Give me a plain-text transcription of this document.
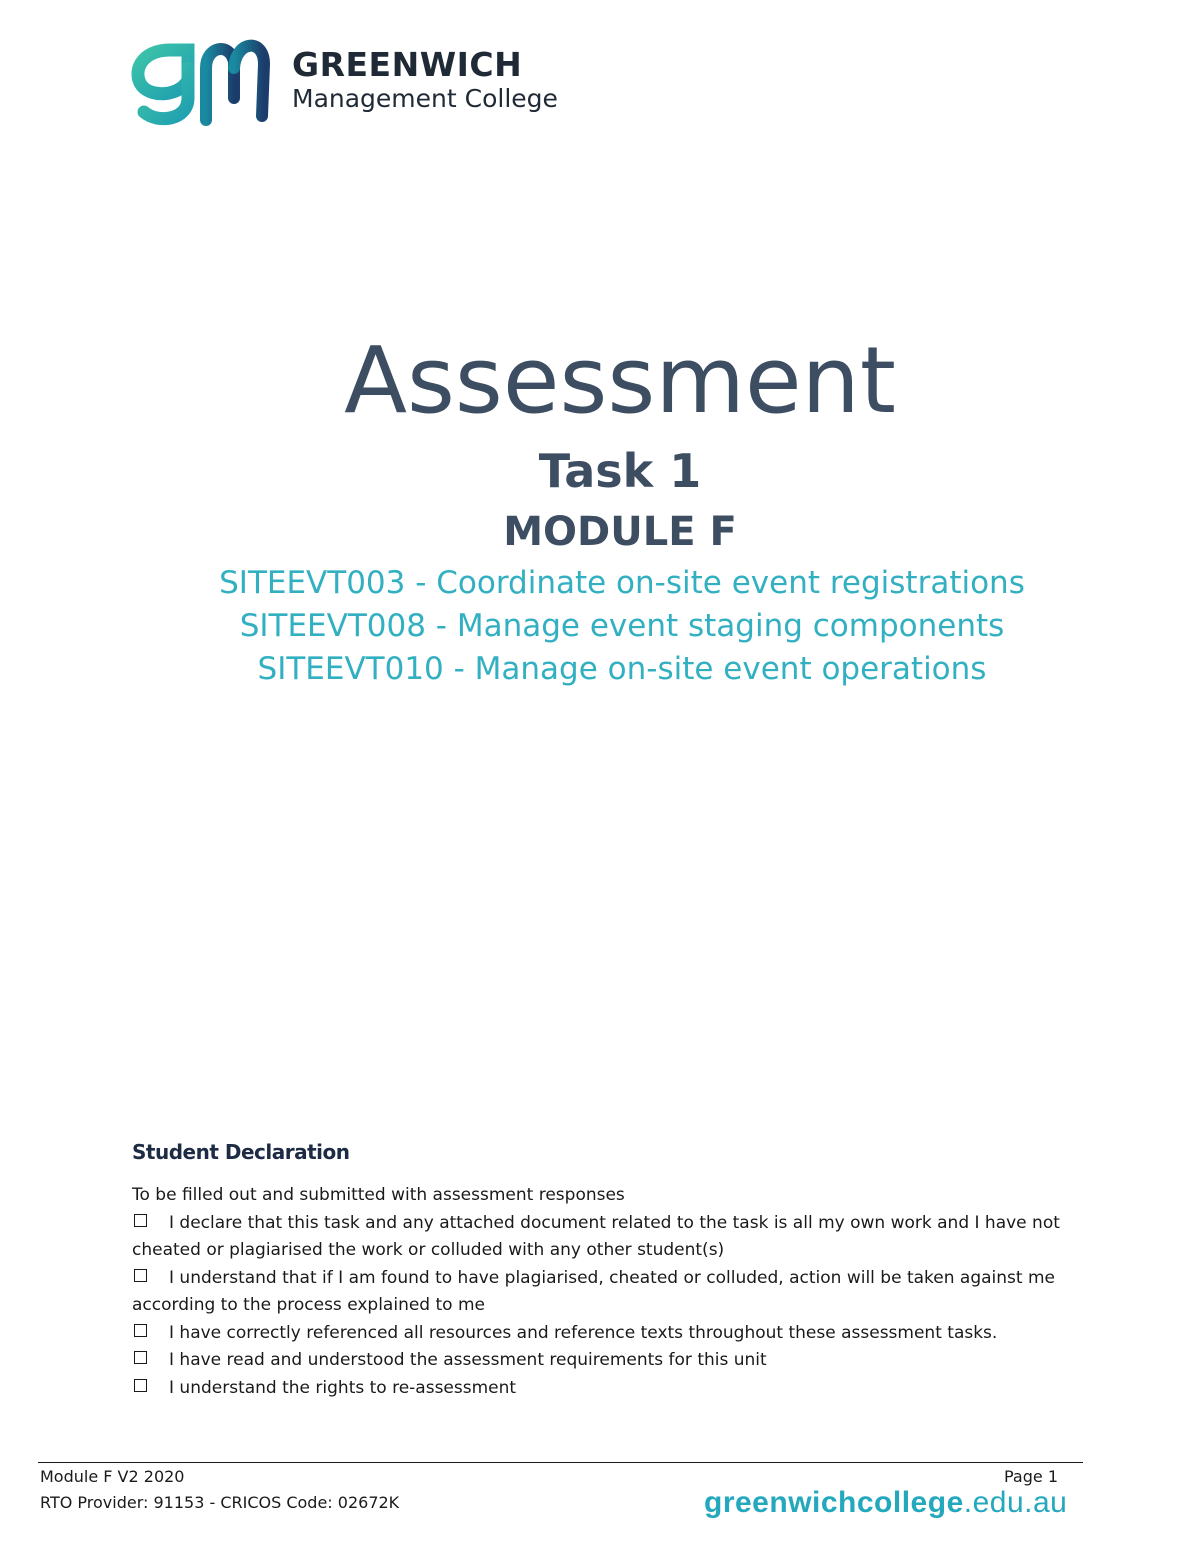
GREENWICH
Management College
Assessment
Task 1
MODULE F
SITEEVT003 - Coordinate on-site event registrations
SITEEVT008 - Manage event staging components
SITEEVT010 - Manage on-site event operations
Student Declaration
To be filled out and submitted with assessment responses
I declare that this task and any attached document related to the task is all my own work and I have not cheated or plagiarised the work or colluded with any other student(s)
I understand that if I am found to have plagiarised, cheated or colluded, action will be taken against me according to the process explained to me
I have correctly referenced all resources and reference texts throughout these assessment tasks.
I have read and understood the assessment requirements for this unit
I understand the rights to re-assessment
Module F V2 2020
RTO Provider: 91153 - CRICOS Code: 02672K
Page 1
greenwichcollege.edu.au
